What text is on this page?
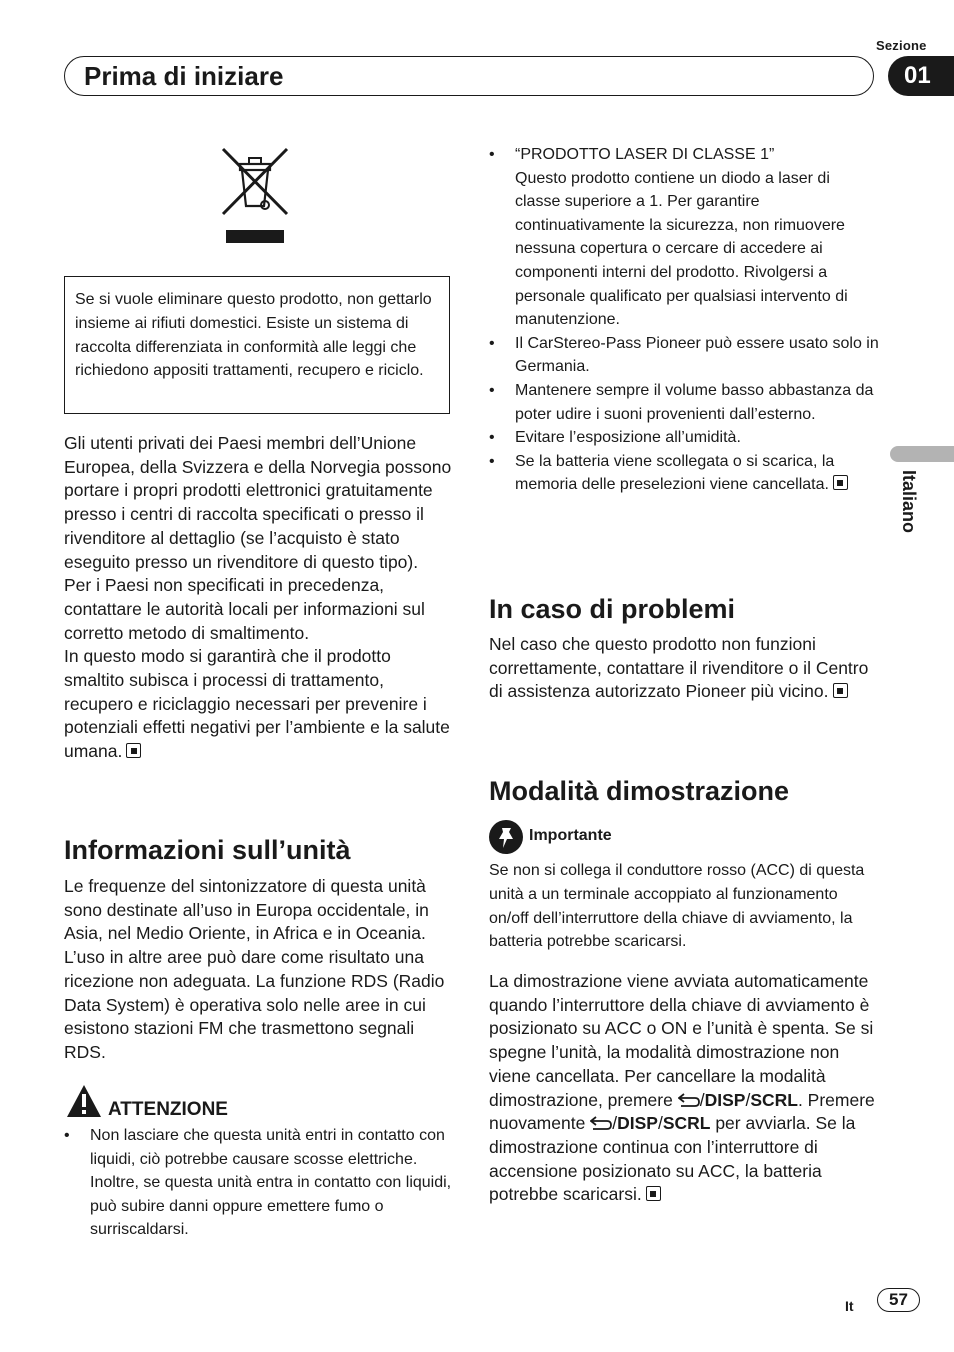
Sezione
Prima di iniziare	01
Italiano
Se si vuole eliminare questo prodotto, non gettarlo insieme ai rifiuti domestici. Esiste un sistema di raccolta differenziata in conformità alle leggi che richiedono appositi trattamenti, recupero e riciclo.

Gli utenti privati dei Paesi membri dell’Unione Europea, della Svizzera e della Norvegia possono portare i propri prodotti elettronici gratuitamente presso i centri di raccolta specificati o presso il rivenditore al dettaglio (se l’acquisto è stato eseguito presso un rivenditore di questo tipo).

Per i Paesi non specificati in precedenza, contattare le autorità locali per informazioni sul corretto metodo di smaltimento.

In questo modo si garantirà che il prodotto smaltito subisca i processi di trattamento, recupero e riciclaggio necessari per prevenire i potenziali effetti negativi per l’ambiente e la salute umana.

Informazioni sull’unità
Le frequenze del sintonizzatore di questa unità sono destinate all’uso in Europa occidentale, in Asia, nel Medio Oriente, in Africa e in Oceania. L’uso in altre aree può dare come risultato una ricezione non adeguata. La funzione RDS (Radio Data System) è operativa solo nelle aree in cui esistono stazioni FM che trasmettono segnali RDS.
ATTENZIONE
• Non lasciare che questa unità entri in contatto con liquidi, ciò potrebbe causare scosse elettriche. Inoltre, se questa unità entra in contatto con liquidi, può subire danni oppure emettere fumo o surriscaldarsi.
• “PRODOTTO LASER DI CLASSE 1”
Questo prodotto contiene un diodo a laser di classe superiore a 1. Per garantire continuativamente la sicurezza, non rimuovere nessuna copertura o cercare di accedere ai componenti interni del prodotto. Rivolgersi a personale qualificato per qualsiasi intervento di manutenzione.
• Il CarStereo-Pass Pioneer può essere usato solo in Germania.
• Mantenere sempre il volume basso abbastanza da poter udire i suoni provenienti dall’esterno.
• Evitare l’esposizione all’umidità.
• Se la batteria viene scollegata o si scarica, la memoria delle preselezioni viene cancellata.
In caso di problemi
Nel caso che questo prodotto non funzioni correttamente, contattare il rivenditore o il Centro di assistenza autorizzato Pioneer più vicino.
Modalità dimostrazione
Importante
Se non si collega il conduttore rosso (ACC) di questa unità a un terminale accoppiato al funzionamento on/off dell’interruttore della chiave di avviamento, la batteria potrebbe scaricarsi.
La dimostrazione viene avviata automaticamente quando l’interruttore della chiave di avviamento è posizionato su ACC o ON e l’unità è spenta. Se si spegne l’unità, la modalità dimostrazione non viene cancellata. Per cancellare la modalità dimostrazione, premere /DISP/SCRL. Premere nuovamente /DISP/SCRL per avviarla. Se la dimostrazione continua con l’interruttore di accensione posizionato su ACC, la batteria potrebbe scaricarsi.
It	57
